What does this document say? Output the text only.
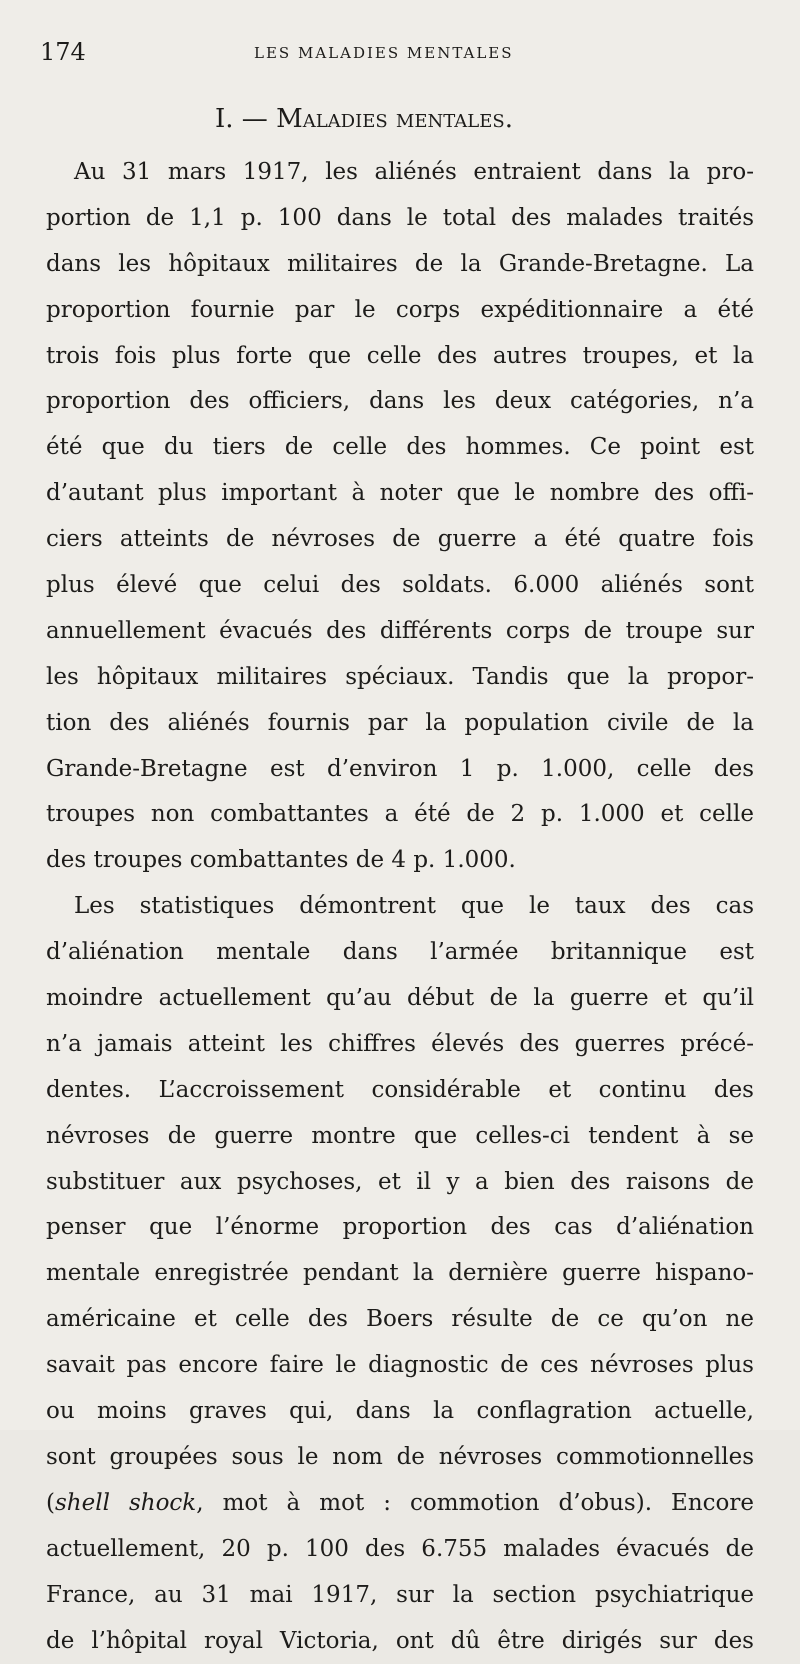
174	LES MALADIES MENTALES
I. — Maladies mentales.
Au 31 mars 1917, les aliénés entraient dans la pro-
portion de 1,1 p. 100 dans le total des malades traités
dans les hôpitaux militaires de la Grande-Bretagne. La
proportion fournie par le corps expéditionnaire a été
trois fois plus forte que celle des autres troupes, et la
proportion des officiers, dans les deux catégories, n’a
été que du tiers de celle des hommes. Ce point est
d’autant plus important à noter que le nombre des offi-
ciers atteints de névroses de guerre a été quatre fois
plus élevé que celui des soldats. 6.000 aliénés sont
annuellement évacués des différents corps de troupe sur
les hôpitaux militaires spéciaux. Tandis que la propor-
tion des aliénés fournis par la population civile de la
Grande-Bretagne est d’environ 1 p. 1.000, celle des
troupes non combattantes a été de 2 p. 1.000 et celle
des troupes combattantes de 4 p. 1.000.
Les statistiques démontrent que le taux des cas
d’aliénation mentale dans l’armée britannique est
moindre actuellement qu’au début de la guerre et qu’il
n’a jamais atteint les chiffres élevés des guerres précé-
dentes. L’accroissement considérable et continu des
névroses de guerre montre que celles-ci tendent à se
substituer aux psychoses, et il y a bien des raisons de
penser que l’énorme proportion des cas d’aliénation
mentale enregistrée pendant la dernière guerre hispano-
américaine et celle des Boers résulte de ce qu’on ne
savait pas encore faire le diagnostic de ces névroses plus
ou moins graves qui, dans la conflagration actuelle,
sont groupées sous le nom de névroses commotionnelles
(shell shock, mot à mot : commotion d’obus). Encore
actuellement, 20 p. 100 des 6.755 malades évacués de
France, au 31 mai 1917, sur la section psychiatrique
de l’hôpital royal Victoria, ont dû être dirigés sur des
